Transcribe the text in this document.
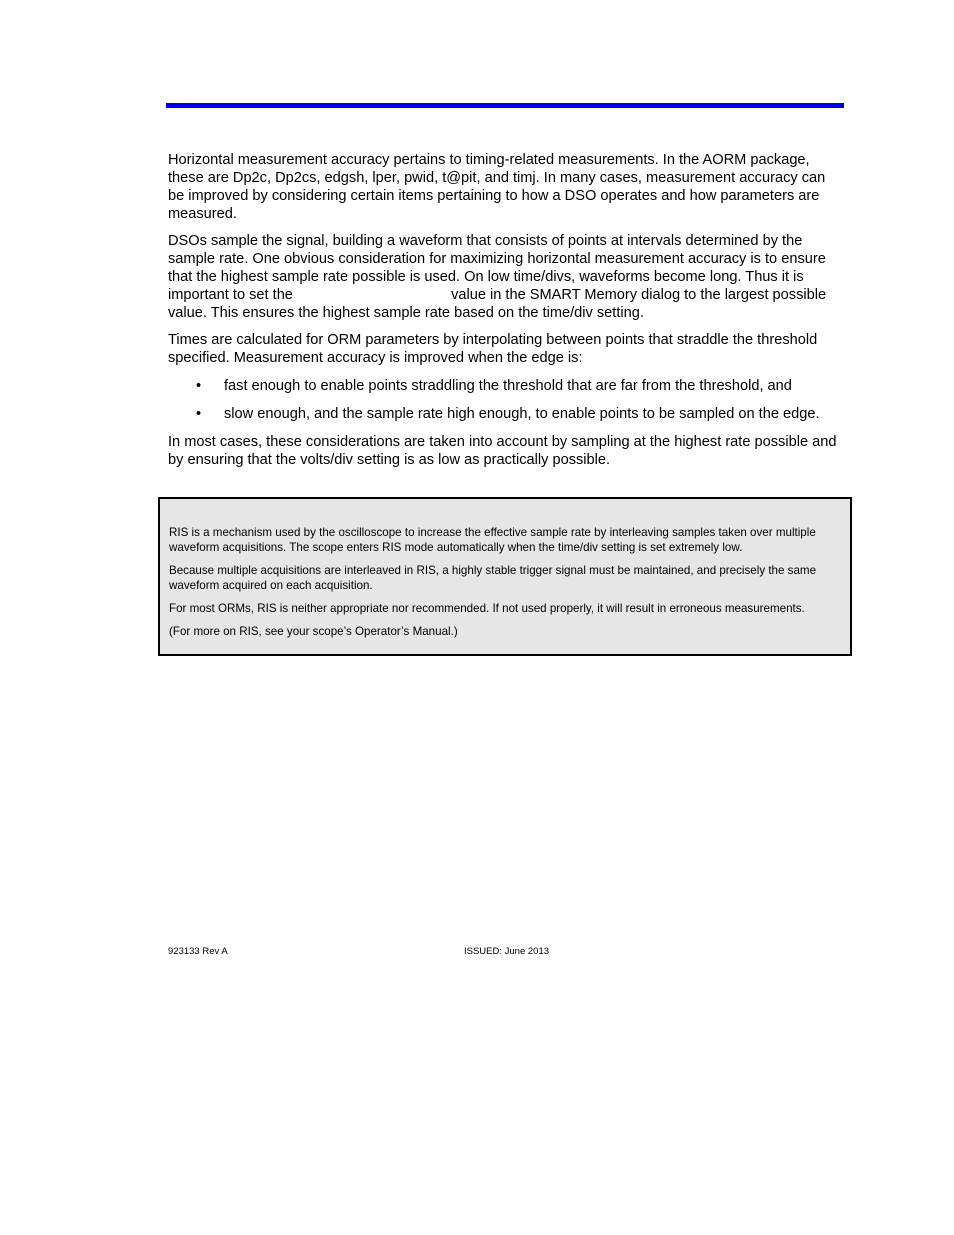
Horizontal measurement accuracy pertains to timing-related measurements. In the AORM package, these are Dp2c, Dp2cs, edgsh, lper, pwid, t@pit, and timj. In many cases, measurement accuracy can be improved by considering certain items pertaining to how a DSO operates and how parameters are measured.

DSOs sample the signal, building a waveform that consists of points at intervals determined by the sample rate. One obvious consideration for maximizing horizontal measurement accuracy is to ensure that the highest sample rate possible is used. On low time/divs, waveforms become long. Thus it is important to set the	value in the SMART Memory dialog to the largest possible value. This ensures the highest sample rate based on the time/div setting.

Times are calculated for ORM parameters by interpolating between points that straddle the threshold specified. Measurement accuracy is improved when the edge is:

• fast enough to enable points straddling the threshold that are far from the threshold, and
• slow enough, and the sample rate high enough, to enable points to be sampled on the edge.

In most cases, these considerations are taken into account by sampling at the highest rate possible and by ensuring that the volts/div setting is as low as practically possible.

RIS is a mechanism used by the oscilloscope to increase the effective sample rate by interleaving samples taken over multiple waveform acquisitions. The scope enters RIS mode automatically when the time/div setting is set extremely low.

Because multiple acquisitions are interleaved in RIS, a highly stable trigger signal must be maintained, and precisely the same waveform acquired on each acquisition.

For most ORMs, RIS is neither appropriate nor recommended. If not used properly, it will result in erroneous measurements.

(For more on RIS, see your scope’s Operator’s Manual.)

923133 Rev A	ISSUED: June 2013
